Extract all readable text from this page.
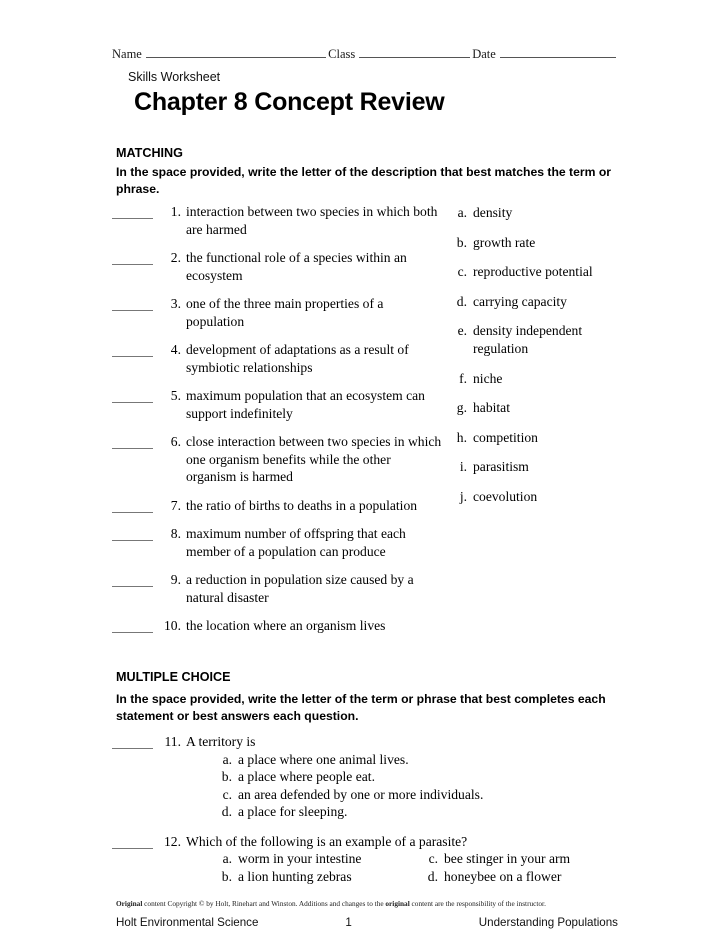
Name	Class	Date
Skills Worksheet
Chapter 8 Concept Review
MATCHING
In the space provided, write the letter of the description that best matches the term or phrase.
1. interaction between two species in which both are harmed
2. the functional role of a species within an ecosystem
3. one of the three main properties of a population
4. development of adaptations as a result of symbiotic relationships
5. maximum population that an ecosystem can support indefinitely
6. close interaction between two species in which one organism benefits while the other organism is harmed
7. the ratio of births to deaths in a population
8. maximum number of offspring that each member of a population can produce
9. a reduction in population size caused by a natural disaster
10. the location where an organism lives
a. density
b. growth rate
c. reproductive potential
d. carrying capacity
e. density independent regulation
f. niche
g. habitat
h. competition
i. parasitism
j. coevolution
MULTIPLE CHOICE
In the space provided, write the letter of the term or phrase that best completes each statement or best answers each question.
11. A territory is
a. a place where one animal lives.
b. a place where people eat.
c. an area defended by one or more individuals.
d. a place for sleeping.
12. Which of the following is an example of a parasite?
a. worm in your intestine	c. bee stinger in your arm
b. a lion hunting zebras	d. honeybee on a flower
Original content Copyright © by Holt, Rinehart and Winston. Additions and changes to the original content are the responsibility of the instructor.
Holt Environmental Science	1	Understanding Populations
